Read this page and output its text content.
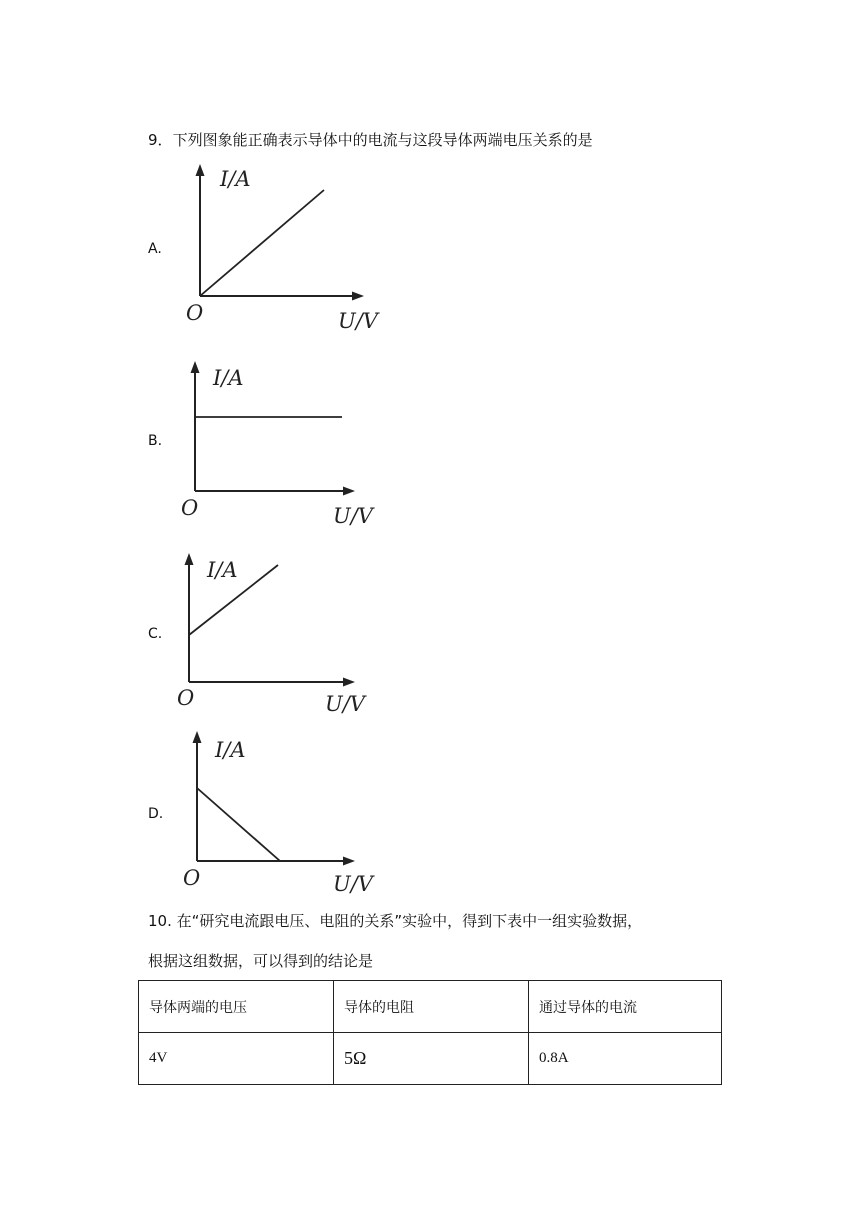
9．下列图象能正确表示导体中的电流与这段导体两端电压关系的是
A.
I/A
O	U/V
B.
I/A
O	U/V
C.
I/A
O	U/V
D.
I/A
O	U/V
10. 在“研究电流跟电压、电阻的关系”实验中，得到下表中一组实验数据，
根据这组数据，可以得到的结论是
导体两端的电压	导体的电阻	通过导体的电流
4V	5Ω	0.8A
